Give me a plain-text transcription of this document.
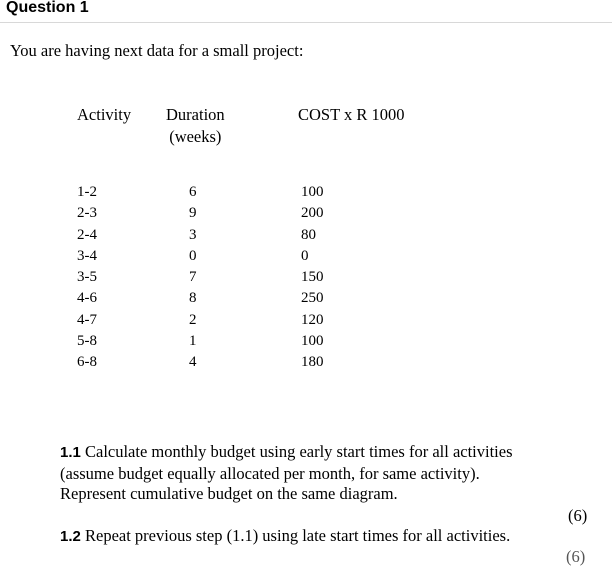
Question 1
You are having next data for a small project:
Activity Duration
(weeks)
COST x R 1000
1-2
2-3
2-4
3-4
3-5
4-6
4-7
5-8
6-8
6
9
3
0
7
8
2
1
4
100
200
80
0
150
250
120
100
180
1.1 Calculate monthly budget using early start times for all activities
(assume budget equally allocated per month, for same activity).
Represent cumulative budget on the same diagram.
(6)
1.2 Repeat previous step (1.1) using late start times for all activities.
(6)
